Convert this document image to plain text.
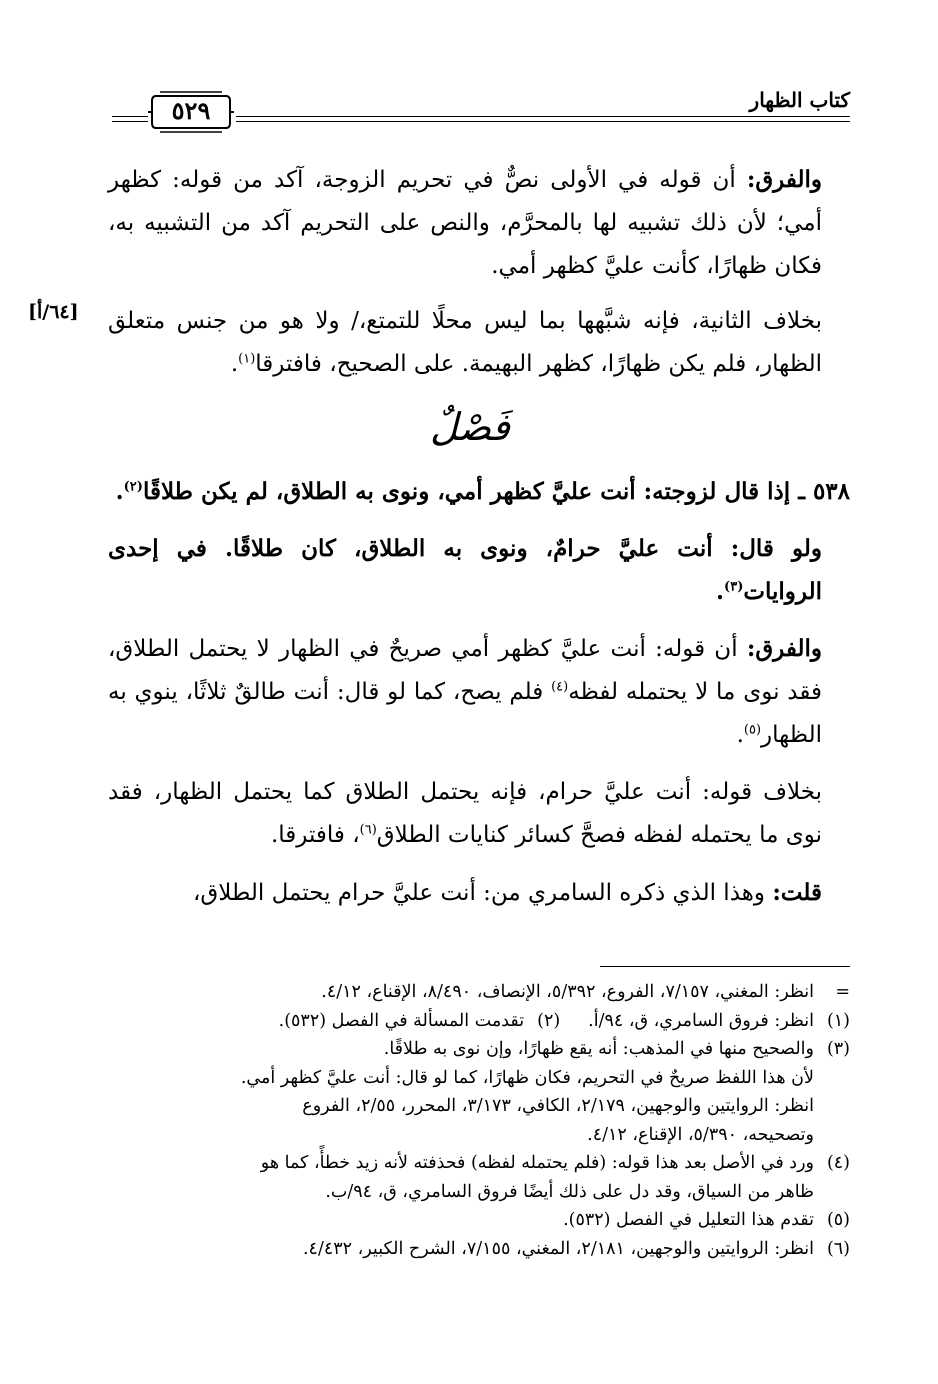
كتاب الظهار
٥٢٩

والفرق: أن قوله في الأولى نصٌّ في تحريم الزوجة، آكد من قوله: كظهر أمي؛ لأن ذلك تشبيه لها بالمحرَّم، والنص على التحريم آكد من التشبيه به، فكان ظهارًا، كأنت عليَّ كظهر أمي.

بخلاف الثانية، فإنه شبَّهها بما ليس محلًا للتمتع،/ ولا هو من جنس متعلق الظهار، فلم يكن ظهارًا، كظهر البهيمة. على الصحيح، فافترقا$^{(١)}$.

[٦٤/أ]
فَصْلٌ

٥٣٨ ـ إذا قال لزوجته: أنت عليَّ كظهر أمي، ونوى به الطلاق، لم يكن طلاقًا$^{(٢)}$.

ولو قال: أنت عليَّ حرامٌ، ونوى به الطلاق، كان طلاقًا. في إحدى الروايات$^{(٣)}$.

والفرق: أن قوله: أنت عليَّ كظهر أمي صريحٌ في الظهار لا يحتمل الطلاق، فقد نوى ما لا يحتمله لفظه$^{(٤)}$ فلم يصح، كما لو قال: أنت طالقٌ ثلاثًا، ينوي به الظهار$^{(٥)}$.

بخلاف قوله: أنت عليَّ حرام، فإنه يحتمل الطلاق كما يحتمل الظهار، فقد نوى ما يحتمله لفظه فصحَّ كسائر كنايات الطلاق$^{(٦)}$، فافترقا.

قلت: وهذا الذي ذكره السامري من: أنت عليَّ حرام يحتمل الطلاق،

=
انظر: المغني، ٧/١٥٧، الفروع، ٥/٣٩٢، الإنصاف، ٨/٤٩٠، الإقناع، ٤/١٢.
(١)
انظر: فروق السامري، ق، ٩٤/أ.
(٢)
تقدمت المسألة في الفصل (٥٣٢).
(٣)
والصحيح منها في المذهب: أنه يقع ظهارًا، وإن نوى به طلاقًا.
لأن هذا اللفظ صريحٌ في التحريم، فكان ظهارًا، كما لو قال: أنت عليَّ كظهر أمي.
انظر: الروايتين والوجهين، ٢/١٧٩، الكافي، ٣/١٧٣، المحرر، ٢/٥٥، الفروع
وتصحيحه، ٥/٣٩٠، الإقناع، ٤/١٢.
(٤)
ورد في الأصل بعد هذا قوله: (فلم يحتمله لفظه) فحذفته لأنه زيد خطأً، كما هو
ظاهر من السياق، وقد دل على ذلك أيضًا فروق السامري، ق، ٩٤/ب.
(٥)
تقدم هذا التعليل في الفصل (٥٣٢).
(٦)
انظر: الروايتين والوجهين، ٢/١٨١، المغني، ٧/١٥٥، الشرح الكبير، ٤/٤٣٢.
